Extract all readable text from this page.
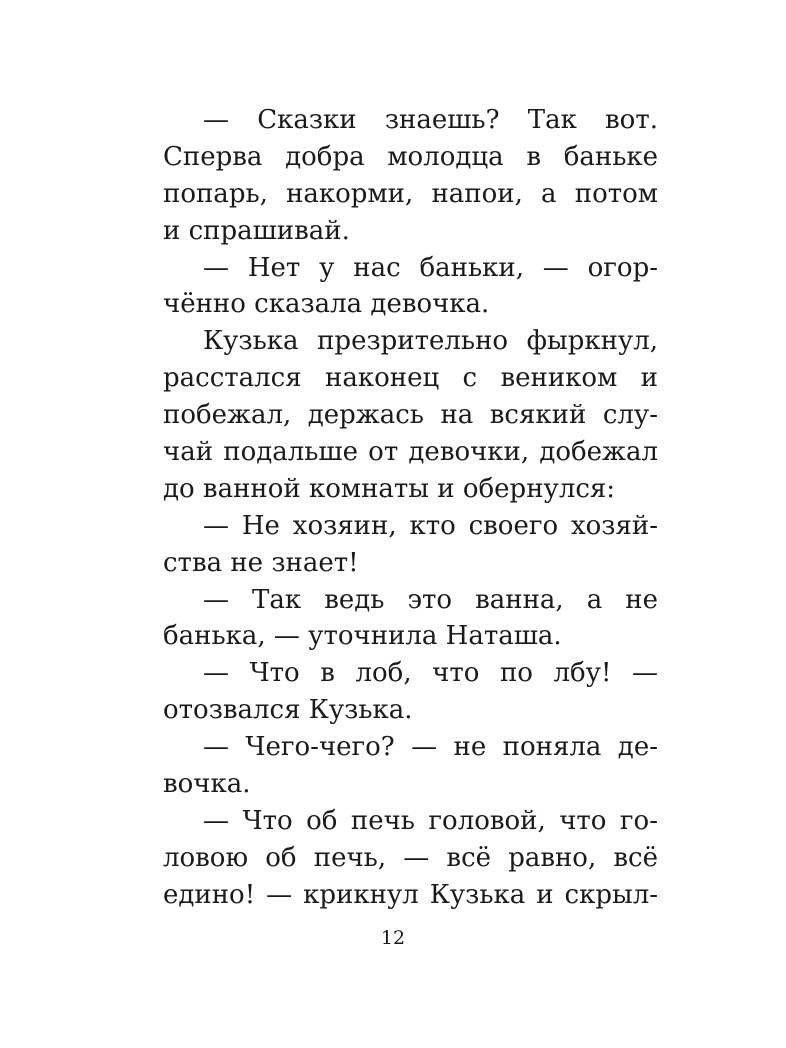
— Сказки знаешь? Так вот.
Сперва добра молодца в баньке
попарь, накорми, напои, а потом
и спрашивай.
— Нет у нас баньки, — огор-
чённо сказала девочка.
Кузька презрительно фыркнул,
расстался наконец с веником и
побежал, держась на всякий слу-
чай подальше от девочки, добежал
до ванной комнаты и обернулся:
— Не хозяин, кто своего хозяй-
ства не знает!
— Так ведь это ванна, а не
банька, — уточнила Наташа.
— Что в лоб, что по лбу! —
отозвался Кузька.
— Чего-чего? — не поняла де-
вочка.
— Что об печь головой, что го-
ловою об печь, — всё равно, всё
едино! — крикнул Кузька и скрыл-
12
